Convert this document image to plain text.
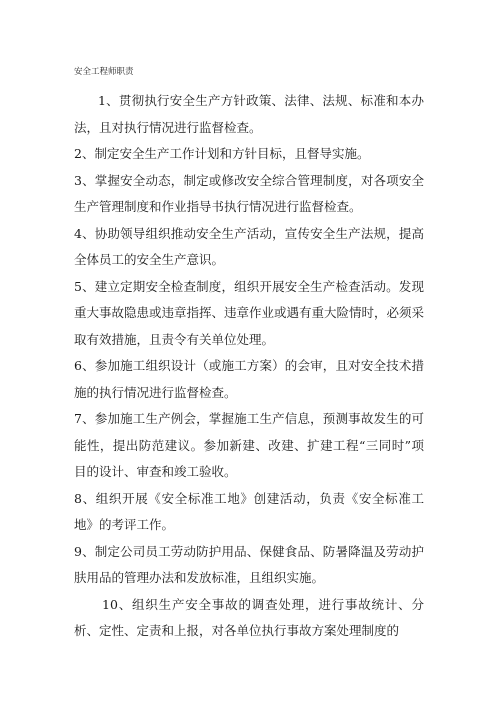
安全工程师职责

1、贯彻执行安全生产方针政策、法律、法规、标准和本办法，且对执行情况进行监督检查。

2、制定安全生产工作计划和方针目标，且督导实施。

3、掌握安全动态，制定或修改安全综合管理制度，对各项安全生产管理制度和作业指导书执行情况进行监督检查。

4、协助领导组织推动安全生产活动，宣传安全生产法规，提高全体员工的安全生产意识。

5、建立定期安全检查制度，组织开展安全生产检查活动。发现重大事故隐患或违章指挥、违章作业或遇有重大险情时，必须采取有效措施，且责令有关单位处理。

6、参加施工组织设计（或施工方案）的会审，且对安全技术措施的执行情况进行监督检查。

7、参加施工生产例会，掌握施工生产信息，预测事故发生的可能性，提出防范建议。参加新建、改建、扩建工程“三同时”项目的设计、审查和竣工验收。

8、组织开展《安全标准工地》创建活动，负责《安全标准工地》的考评工作。

9、制定公司员工劳动防护用品、保健食品、防暑降温及劳动护肤用品的管理办法和发放标准，且组织实施。

10、组织生产安全事故的调查处理，进行事故统计、分析、定性、定责和上报，对各单位执行事故方案处理制度的
